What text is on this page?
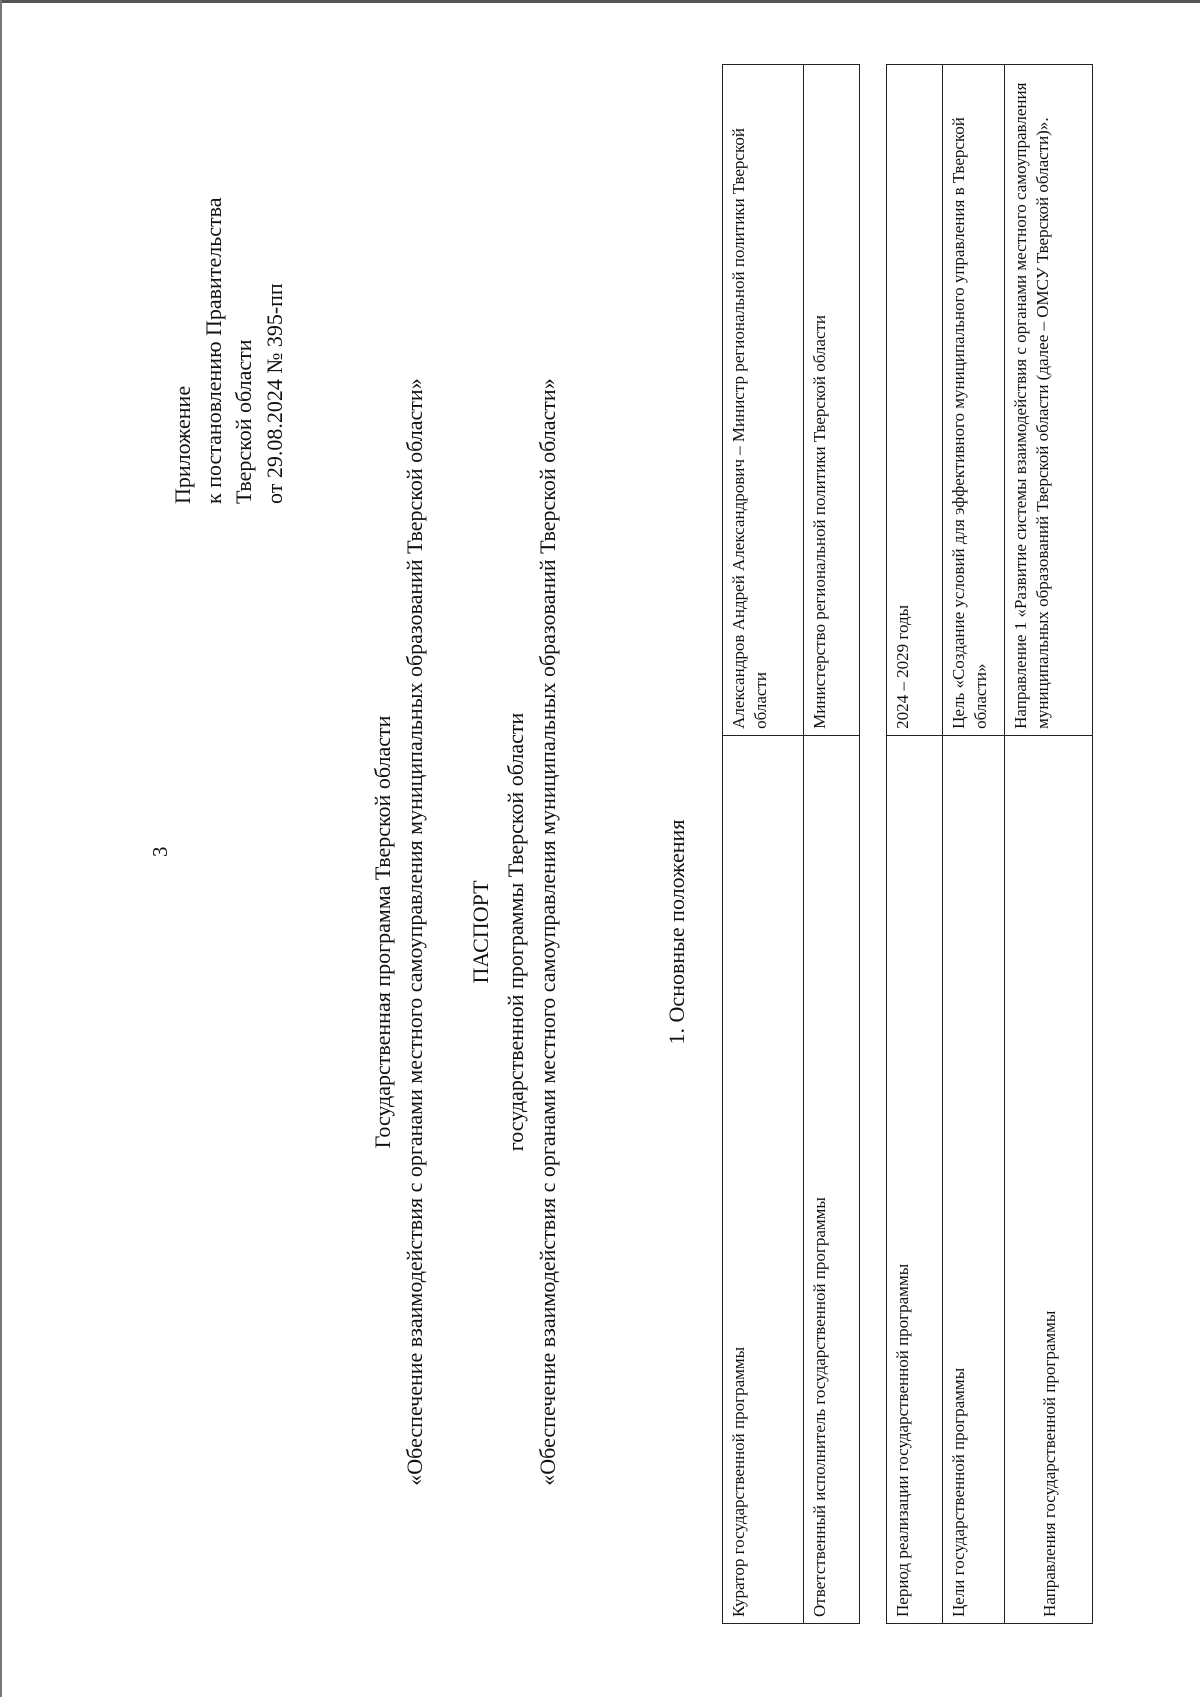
3
Приложение к постановлению Правительства Тверской области от 29.08.2024 № 395-пп
Государственная программа Тверской области «Обеспечение взаимодействия с органами местного самоуправления муниципальных образований Тверской области» ПАСПОРТ государственной программы Тверской области «Обеспечение взаимодействия с органами местного самоуправления муниципальных образований Тверской области»	1. Основные положения
Куратор государственной программы	Александров Андрей Александрович – Министр региональной политики Тверской области
Ответственный исполнитель государственной программы	Министерство региональной политики Тверской области
Период реализации государственной программы	2024 – 2029 годы
Цели государственной программы	Цель «Создание условий для эффективного муниципального управления в Тверской области»
Направления государственной программы	Направление 1 «Развитие системы взаимодействия с органами местного самоуправления муниципальных образований Тверской области (далее – ОМСУ Тверской области)».
